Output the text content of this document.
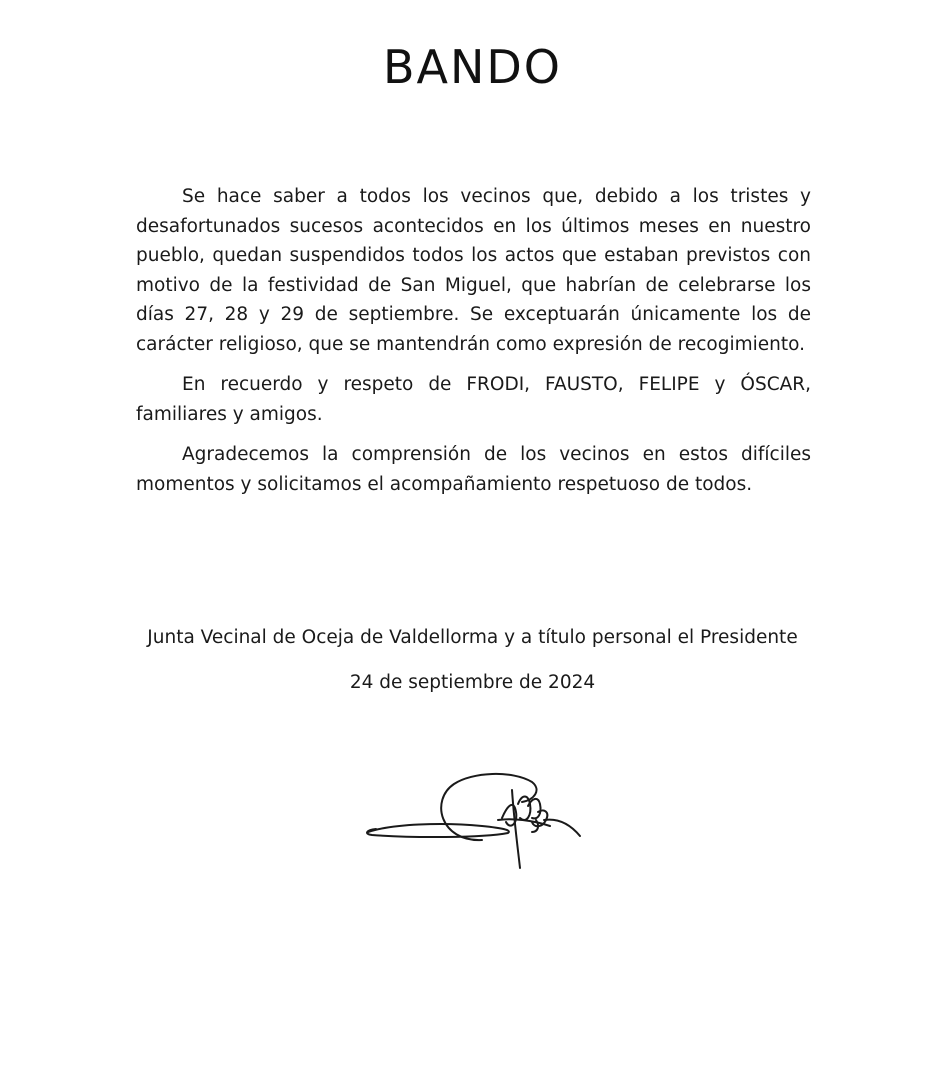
BANDO

Se hace saber a todos los vecinos que, debido a los tristes y desafortunados sucesos acontecidos en los últimos meses en nuestro pueblo, quedan suspendidos todos los actos que estaban previstos con motivo de la festividad de San Miguel, que habrían de celebrarse los días 27, 28 y 29 de septiembre. Se exceptuarán únicamente los de carácter religioso, que se mantendrán como expresión de recogimiento.

En recuerdo y respeto de FRODI, FAUSTO, FELIPE y ÓSCAR, familiares y amigos.

Agradecemos la comprensión de los vecinos en estos difíciles momentos y solicitamos el acompañamiento respetuoso de todos.

Junta Vecinal de Oceja de Valdellorma y a título personal el Presidente
24 de septiembre de 2024
